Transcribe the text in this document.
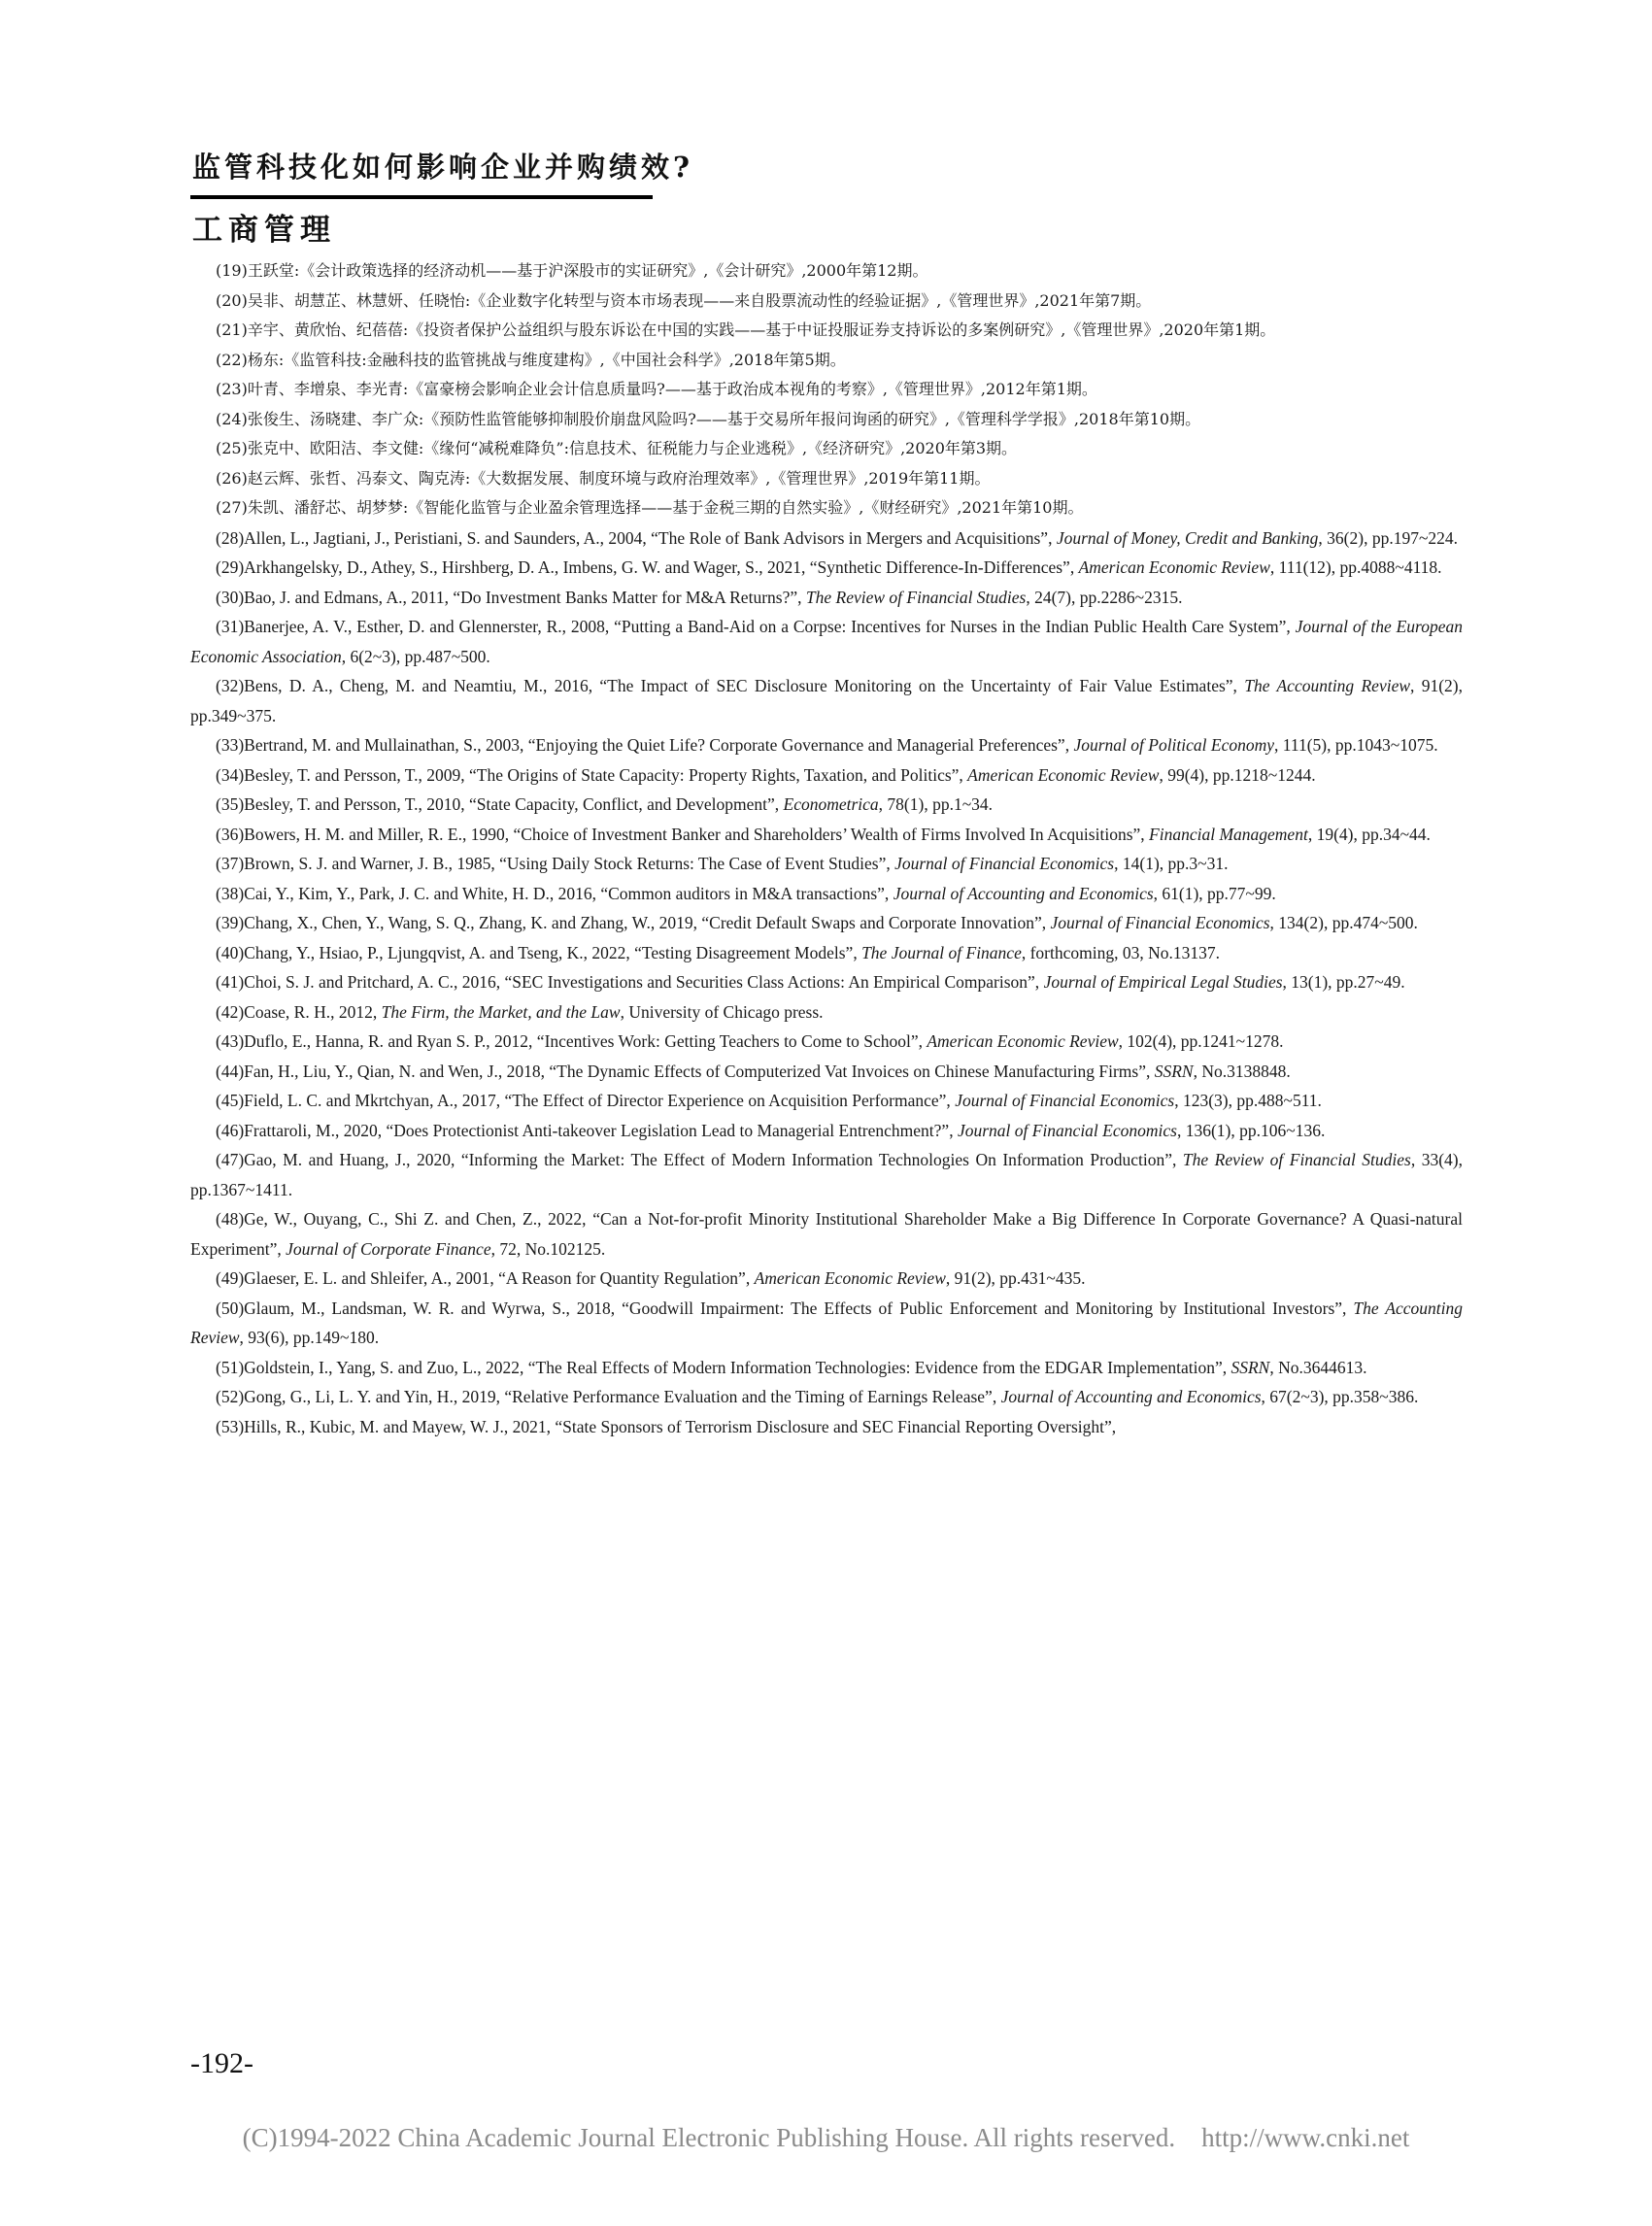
监管科技化如何影响企业并购绩效?
工商管理
(19)王跃堂:《会计政策选择的经济动机——基于沪深股市的实证研究》,《会计研究》,2000年第12期。
(20)吴非、胡慧芷、林慧妍、任晓怡:《企业数字化转型与资本市场表现——来自股票流动性的经验证据》,《管理世界》,2021年第7期。
(21)辛宇、黄欣怡、纪蓓蓓:《投资者保护公益组织与股东诉讼在中国的实践——基于中证投服证券支持诉讼的多案例研究》,《管理世界》,2020年第1期。
(22)杨东:《监管科技:金融科技的监管挑战与维度建构》,《中国社会科学》,2018年第5期。
(23)叶青、李增泉、李光青:《富豪榜会影响企业会计信息质量吗?——基于政治成本视角的考察》,《管理世界》,2012年第1期。
(24)张俊生、汤晓建、李广众:《预防性监管能够抑制股价崩盘风险吗?——基于交易所年报问询函的研究》,《管理科学学报》,2018年第10期。
(25)张克中、欧阳洁、李文健:《缘何“减税难降负”:信息技术、征税能力与企业逃税》,《经济研究》,2020年第3期。
(26)赵云辉、张哲、冯泰文、陶克涛:《大数据发展、制度环境与政府治理效率》,《管理世界》,2019年第11期。
(27)朱凯、潘舒芯、胡梦梦:《智能化监管与企业盈余管理选择——基于金税三期的自然实验》,《财经研究》,2021年第10期。
(28)Allen, L., Jagtiani, J., Peristiani, S. and Saunders, A., 2004, “The Role of Bank Advisors in Mergers and Acquisitions”, Journal of Money, Credit and Banking, 36(2), pp.197~224.
(29)Arkhangelsky, D., Athey, S., Hirshberg, D. A., Imbens, G. W. and Wager, S., 2021, “Synthetic Difference-In-Differences”, American Economic Review, 111(12), pp.4088~4118.
(30)Bao, J. and Edmans, A., 2011, “Do Investment Banks Matter for M&A Returns?”, The Review of Financial Studies, 24(7), pp.2286~2315.
(31)Banerjee, A. V., Esther, D. and Glennerster, R., 2008, “Putting a Band-Aid on a Corpse: Incentives for Nurses in the Indian Public Health Care System”, Journal of the European Economic Association, 6(2~3), pp.487~500.
(32)Bens, D. A., Cheng, M. and Neamtiu, M., 2016, “The Impact of SEC Disclosure Monitoring on the Uncertainty of Fair Value Estimates”, The Accounting Review, 91(2), pp.349~375.
(33)Bertrand, M. and Mullainathan, S., 2003, “Enjoying the Quiet Life? Corporate Governance and Managerial Preferences”, Journal of Political Economy, 111(5), pp.1043~1075.
(34)Besley, T. and Persson, T., 2009, “The Origins of State Capacity: Property Rights, Taxation, and Politics”, American Economic Review, 99(4), pp.1218~1244.
(35)Besley, T. and Persson, T., 2010, “State Capacity, Conflict, and Development”, Econometrica, 78(1), pp.1~34.
(36)Bowers, H. M. and Miller, R. E., 1990, “Choice of Investment Banker and Shareholders’ Wealth of Firms Involved In Acquisitions”, Financial Management, 19(4), pp.34~44.
(37)Brown, S. J. and Warner, J. B., 1985, “Using Daily Stock Returns: The Case of Event Studies”, Journal of Financial Economics, 14(1), pp.3~31.
(38)Cai, Y., Kim, Y., Park, J. C. and White, H. D., 2016, “Common auditors in M&A transactions”, Journal of Accounting and Economics, 61(1), pp.77~99.
(39)Chang, X., Chen, Y., Wang, S. Q., Zhang, K. and Zhang, W., 2019, “Credit Default Swaps and Corporate Innovation”, Journal of Financial Economics, 134(2), pp.474~500.
(40)Chang, Y., Hsiao, P., Ljungqvist, A. and Tseng, K., 2022, “Testing Disagreement Models”, The Journal of Finance, forthcoming, 03, No.13137.
(41)Choi, S. J. and Pritchard, A. C., 2016, “SEC Investigations and Securities Class Actions: An Empirical Comparison”, Journal of Empirical Legal Studies, 13(1), pp.27~49.
(42)Coase, R. H., 2012, The Firm, the Market, and the Law, University of Chicago press.
(43)Duflo, E., Hanna, R. and Ryan S. P., 2012, “Incentives Work: Getting Teachers to Come to School”, American Economic Review, 102(4), pp.1241~1278.
(44)Fan, H., Liu, Y., Qian, N. and Wen, J., 2018, “The Dynamic Effects of Computerized Vat Invoices on Chinese Manufacturing Firms”, SSRN, No.3138848.
(45)Field, L. C. and Mkrtchyan, A., 2017, “The Effect of Director Experience on Acquisition Performance”, Journal of Financial Economics, 123(3), pp.488~511.
(46)Frattaroli, M., 2020, “Does Protectionist Anti-takeover Legislation Lead to Managerial Entrenchment?”, Journal of Financial Economics, 136(1), pp.106~136.
(47)Gao, M. and Huang, J., 2020, “Informing the Market: The Effect of Modern Information Technologies On Information Production”, The Review of Financial Studies, 33(4), pp.1367~1411.
(48)Ge, W., Ouyang, C., Shi Z. and Chen, Z., 2022, “Can a Not-for-profit Minority Institutional Shareholder Make a Big Difference In Corporate Governance? A Quasi-natural Experiment”, Journal of Corporate Finance, 72, No.102125.
(49)Glaeser, E. L. and Shleifer, A., 2001, “A Reason for Quantity Regulation”, American Economic Review, 91(2), pp.431~435.
(50)Glaum, M., Landsman, W. R. and Wyrwa, S., 2018, “Goodwill Impairment: The Effects of Public Enforcement and Monitoring by Institutional Investors”, The Accounting Review, 93(6), pp.149~180.
(51)Goldstein, I., Yang, S. and Zuo, L., 2022, “The Real Effects of Modern Information Technologies: Evidence from the EDGAR Implementation”, SSRN, No.3644613.
(52)Gong, G., Li, L. Y. and Yin, H., 2019, “Relative Performance Evaluation and the Timing of Earnings Release”, Journal of Accounting and Economics, 67(2~3), pp.358~386.
(53)Hills, R., Kubic, M. and Mayew, W. J., 2021, “State Sponsors of Terrorism Disclosure and SEC Financial Reporting Oversight”,
-192-
(C)1994-2022 China Academic Journal Electronic Publishing House. All rights reserved.    http://www.cnki.net
